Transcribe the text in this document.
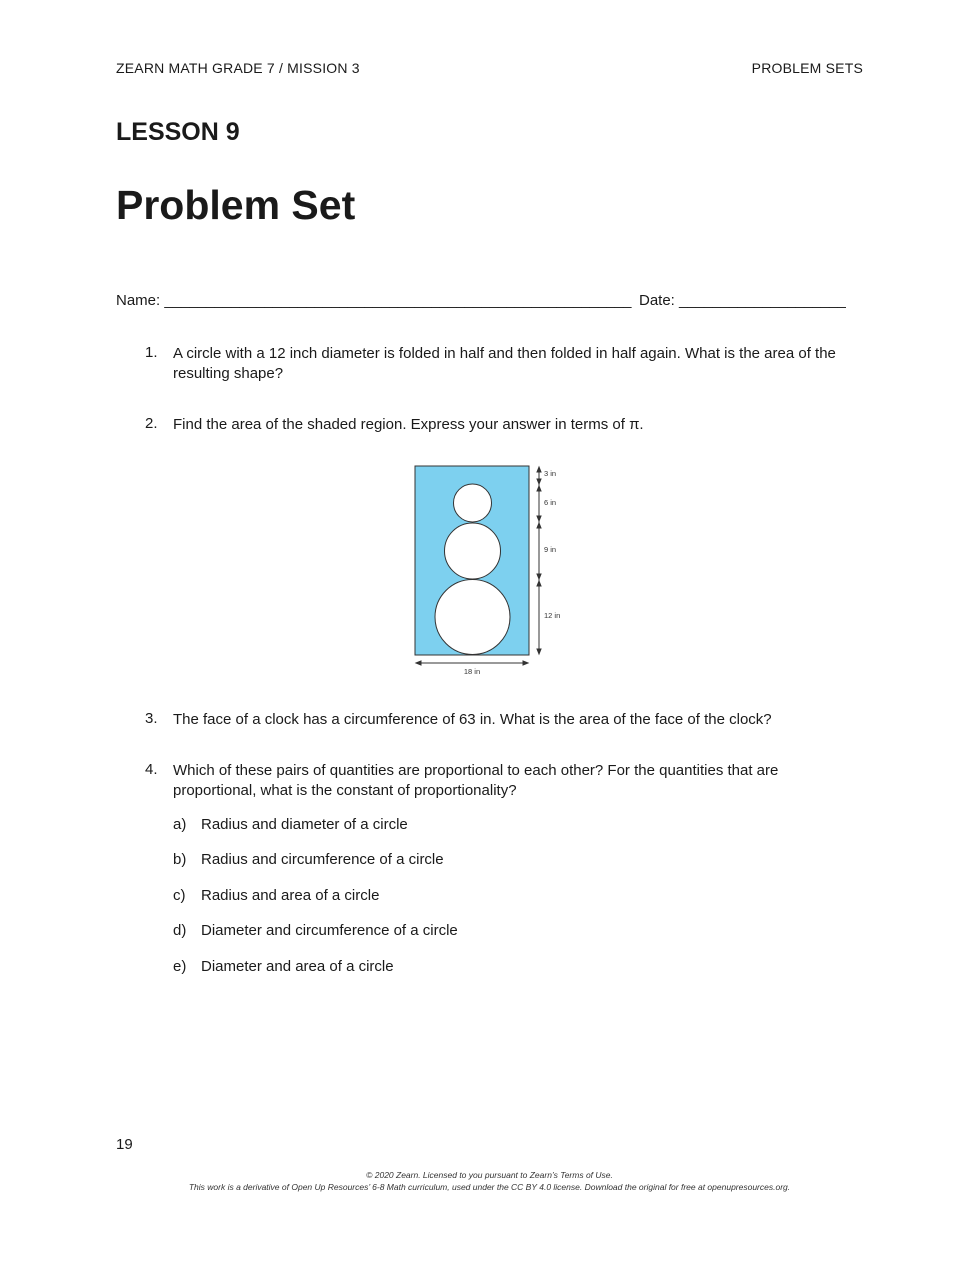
ZEARN MATH GRADE 7 / MISSION 3	PROBLEM SETS
LESSON 9
Problem Set
Name: ________________________________________________________ Date: ____________________
1.	A circle with a 12 inch diameter is folded in half and then folded in half again. What is the area of the
resulting shape?
2.	Find the area of the shaded region. Express your answer in terms of π.
3 in
6 in
9 in
12 in
18 in
3.	The face of a clock has a circumference of 63 in. What is the area of the face of the clock?
4.	Which of these pairs of quantities are proportional to each other? For the quantities that are
proportional, what is the constant of proportionality?
a) Radius and diameter of a circle
b) Radius and circumference of a circle
c) Radius and area of a circle
d) Diameter and circumference of a circle
e) Diameter and area of a circle
19
© 2020 Zearn. Licensed to you pursuant to Zearn’s Terms of Use.
This work is a derivative of Open Up Resources’ 6-8 Math curriculum, used under the CC BY 4.0 license. Download the original for free at openupresources.org.
